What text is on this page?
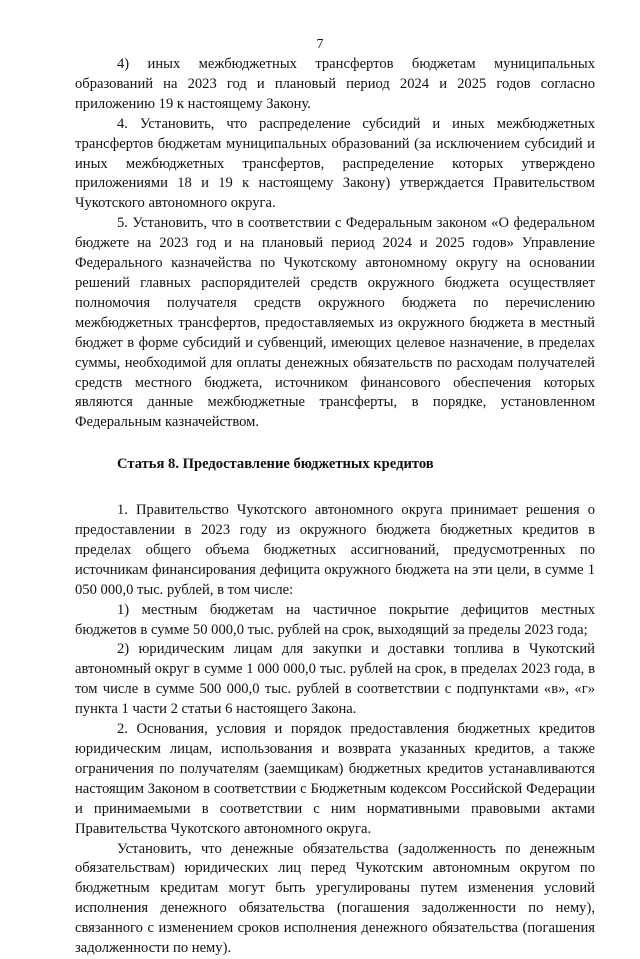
7

4) иных межбюджетных трансфертов бюджетам муниципальных образований на 2023 год и плановый период 2024 и 2025 годов согласно приложению 19 к настоящему Закону.

4. Установить, что распределение субсидий и иных межбюджетных трансфертов бюджетам муниципальных образований (за исключением субсидий и иных межбюджетных трансфертов, распределение которых утверждено приложениями 18 и 19 к настоящему Закону) утверждается Правительством Чукотского автономного округа.

5. Установить, что в соответствии с Федеральным законом «О федеральном бюджете на 2023 год и на плановый период 2024 и 2025 годов» Управление Федерального казначейства по Чукотскому автономному округу на основании решений главных распорядителей средств окружного бюджета осуществляет полномочия получателя средств окружного бюджета по перечислению межбюджетных трансфертов, предоставляемых из окружного бюджета в местный бюджет в форме субсидий и субвенций, имеющих целевое назначение, в пределах суммы, необходимой для оплаты денежных обязательств по расходам получателей средств местного бюджета, источником финансового обеспечения которых являются данные межбюджетные трансферты, в порядке, установленном Федеральным казначейством.

Статья 8. Предоставление бюджетных кредитов

1. Правительство Чукотского автономного округа принимает решения о предоставлении в 2023 году из окружного бюджета бюджетных кредитов в пределах общего объема бюджетных ассигнований, предусмотренных по источникам финансирования дефицита окружного бюджета на эти цели, в сумме 1 050 000,0 тыс. рублей, в том числе:

1) местным бюджетам на частичное покрытие дефицитов местных бюджетов в сумме 50 000,0 тыс. рублей на срок, выходящий за пределы 2023 года;

2) юридическим лицам для закупки и доставки топлива в Чукотский автономный округ в сумме 1 000 000,0 тыс. рублей на срок, в пределах 2023 года, в том числе в сумме 500 000,0 тыс. рублей в соответствии с подпунктами «в», «г» пункта 1 части 2 статьи 6 настоящего Закона.

2. Основания, условия и порядок предоставления бюджетных кредитов юридическим лицам, использования и возврата указанных кредитов, а также ограничения по получателям (заемщикам) бюджетных кредитов устанавливаются настоящим Законом в соответствии с Бюджетным кодексом Российской Федерации и принимаемыми в соответствии с ним нормативными правовыми актами Правительства Чукотского автономного округа.

Установить, что денежные обязательства (задолженность по денежным обязательствам) юридических лиц перед Чукотским автономным округом по бюджетным кредитам могут быть урегулированы путем изменения условий исполнения денежного обязательства (погашения задолженности по нему), связанного с изменением сроков исполнения денежного обязательства (погашения задолженности по нему).
